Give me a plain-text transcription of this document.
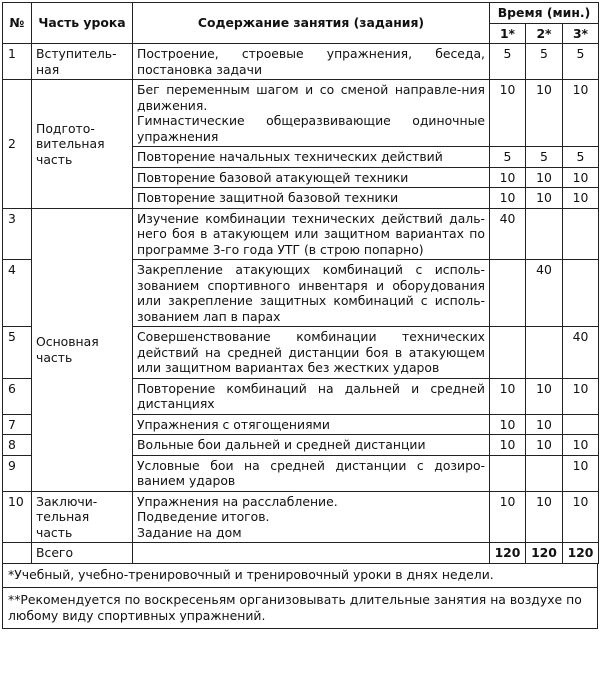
№	Часть урока	Содержание занятия (задания)	Время (мин.)		
			1*	2*	3*
1	Вступитель-ная	Построение, строевые упражнения, беседа, постановка задачи	5	5	5
2	Подгото-вительная часть	Бег переменным шагом и со сменой направле-ния движения.
Гимнастические общеразвивающие одиночные упражнения	10	10	10
		Повторение начальных технических действий	5	5	5
		Повторение базовой атакующей техники	10	10	10
		Повторение защитной базовой техники	10	10	10
3	Основная часть	Изучение комбинации технических действий даль-него боя в атакующем или защитном вариантах по программе 3-го года УТГ (в строю попарно)	40		
4		Закрепление атакующих комбинаций с исполь-зованием спортивного инвентаря и оборудования или закрепление защитных комбинаций с исполь-зованием лап в парах		40	
5		Совершенствование комбинации технических действий на средней дистанции боя в атакующем или защитном вариантах без жестких ударов			40
6		Повторение комбинаций на дальней и средней дистанциях	10	10	10
7		Упражнения с отягощениями	10	10	
8		Вольные бои дальней и средней дистанции	10	10	10
9		Условные бои на средней дистанции с дозиро-ванием ударов			10
10	Заключи-тельная часть	Упражнения на расслабление.
Подведение итогов.
Задание на дом	10	10	10
	Всего		120	120	120
*Учебный, учебно-тренировочный и тренировочный уроки в днях недели.
**Рекомендуется по воскресеньям организовывать длительные занятия на воздухе по любому виду спортивных упражнений.
